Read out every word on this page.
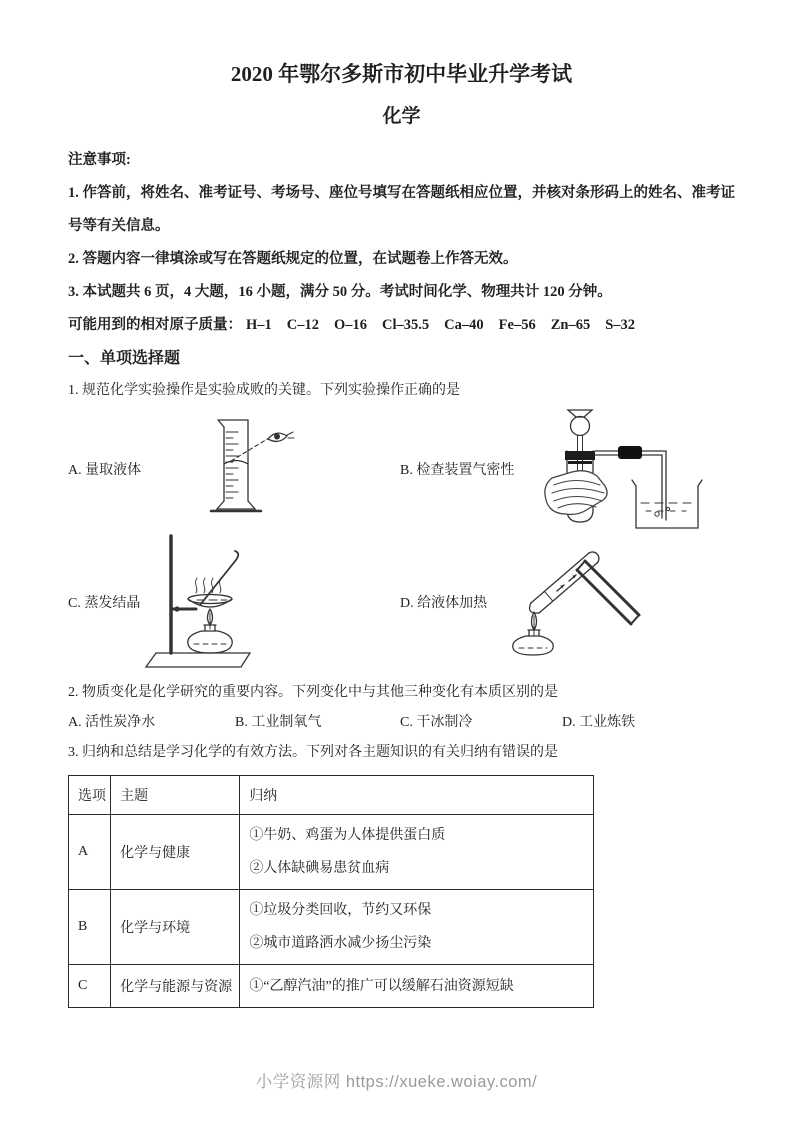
2020 年鄂尔多斯市初中毕业升学考试
化学

注意事项:

1. 作答前，将姓名、准考证号、考场号、座位号填写在答题纸相应位置，并核对条形码上的姓名、准考证号等有关信息。

2. 答题内容一律填涂或写在答题纸规定的位置，在试题卷上作答无效。

3. 本试题共 6 页，4 大题，16 小题，满分 50 分。考试时间化学、物理共计 120 分钟。

可能用到的相对原子质量： H–1 C–12 O–16 Cl–35.5 Ca–40 Fe–56 Zn–65 S–32

一、单项选择题

1. 规范化学实验操作是实验成败的关键。下列实验操作正确的是

A. 量取液体	B. 检查装置气密性
C. 蒸发结晶	D. 给液体加热

2. 物质变化是化学研究的重要内容。下列变化中与其他三种变化有本质区别的是

A. 活性炭净水	B. 工业制氧气	C. 干冰制冷	D. 工业炼铁

3. 归纳和总结是学习化学的有效方法。下列对各主题知识的有关归纳有错误的是

选项	主题	归纳
A	化学与健康	①牛奶、鸡蛋为人体提供蛋白质
②人体缺碘易患贫血病

B	化学与环境	①垃圾分类回收，节约又环保
②城市道路洒水减少扬尘污染

C	化学与能源与资源	①“乙醇汽油”的推广可以缓解石油资源短缺
小学资源网 https://xueke.woiay.com/
